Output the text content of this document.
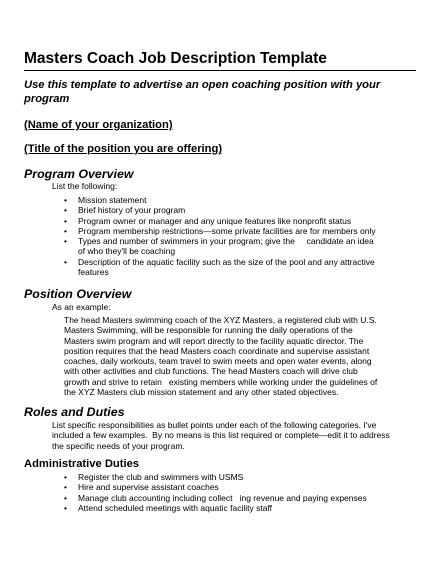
Masters Coach Job Description Template
Use this template to advertise an open coaching position with your program
(Name of your organization)
(Title of the position you are offering)
Program Overview
List the following:
• Mission statement
• Brief history of your program
• Program owner or manager and any unique features like nonprofit status
• Program membership restrictions—some private facilities are for members only
• Types and number of swimmers in your program; give the     candidate an idea of who they'll be coaching
• Description of the aquatic facility such as the size of the pool and any attractive features
Position Overview
As an example:
The head Masters swimming coach of the XYZ Masters, a registered club with U.S. Masters Swimming, will be responsible for running the daily operations of the Masters swim program and will report directly to the facility aquatic director. The position requires that the head Masters coach coordinate and supervise assistant coaches, daily workouts, team travel to swim meets and open water events, along with other activities and club functions. The head Masters coach will drive club growth and strive to retain   existing members while working under the guidelines of the XYZ Masters club mission statement and any other stated objectives.
Roles and Duties
List specific responsibilities as bullet points under each of the following categories. I've included a few examples.  By no means is this list required or complete—edit it to address the specific needs of your program.
Administrative Duties
• Register the club and swimmers with USMS
• Hire and supervise assistant coaches
• Manage club accounting including collect   ing revenue and paying expenses
• Attend scheduled meetings with aquatic facility staff
